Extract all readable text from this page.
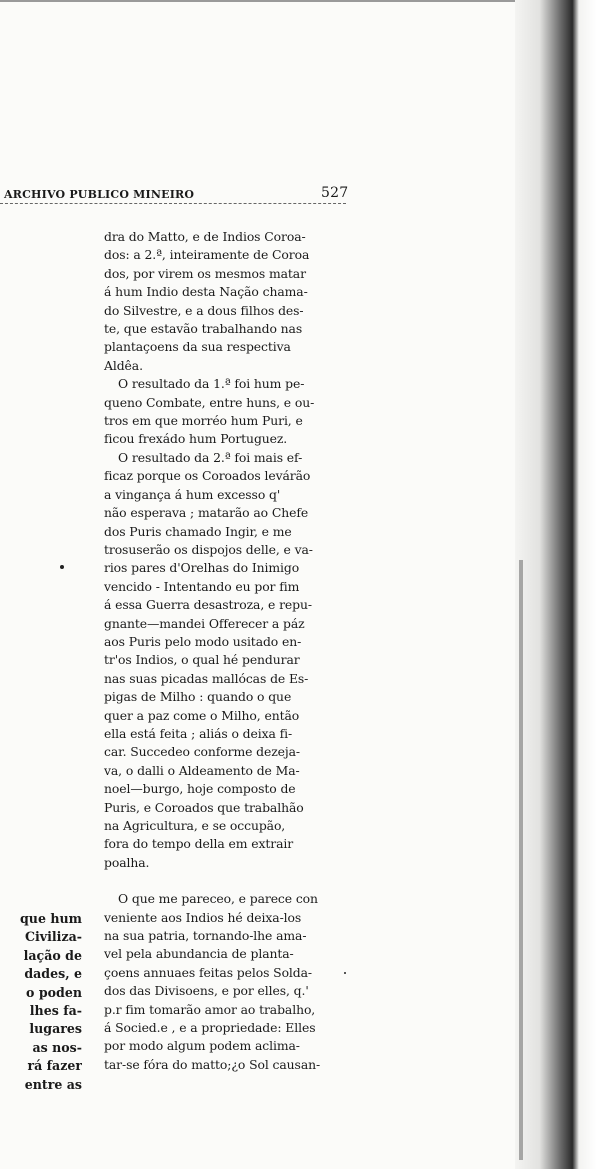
ARCHIVO PUBLICO MINEIRO	527

dra do Matto, e de Indios Coroa-
dos: a 2.ª, inteiramente de Coroa
dos, por virem os mesmos matar
á hum Indio desta Nação chama-
do Silvestre, e a dous filhos des-
te, que estavão trabalhando nas
plantaçoens da sua respectiva
Aldêa.

O resultado da 1.ª foi hum pe-
queno Combate, entre huns, e ou-
tros em que morréo hum Puri, e
ficou frexádo hum Portuguez.

O resultado da 2.ª foi mais ef-
ficaz porque os Coroados levárão
a vingança á hum excesso q'
não esperava ; matarão ao Chefe
dos Puris chamado Ingir, e me
trosuserão os dispojos delle, e va-
rios pares d'Orelhas do Inimigo
vencido - Intentando eu por fim
á essa Guerra desastroza, e repu-
gnante—mandei Offerecer a páz
aos Puris pelo modo usitado en-
tr'os Indios, o qual hé pendurar
nas suas picadas mallócas de Es-
pigas de Milho : quando o que
quer a paz come o Milho, então
ella está feita ; aliás o deixa fi-
car. Succedeo conforme dezeja-
va, o dalli o Aldeamento de Ma-
noel—burgo, hoje composto de
Puris, e Coroados que trabalhão
na Agricultura, e se occupão,
fora do tempo della em extrair
poalha.

O que me pareceo, e parece con
veniente aos Indios hé deixa-los
na sua patria, tornando-lhe ama-
vel pela abundancia de planta-
çoens annuaes feitas pelos Solda-
dos das Divisoens, e por elles, q.'
p.r fim tomarão amor ao trabalho,
á Socied.e , e a propriedade: Elles
por modo algum podem aclima-
tar-se fóra do matto;¿o Sol causan-

que hum
Civiliza-
lação de
dades, e
o poden
lhes fa-
lugares
as nos-
rá fazer
entre as
